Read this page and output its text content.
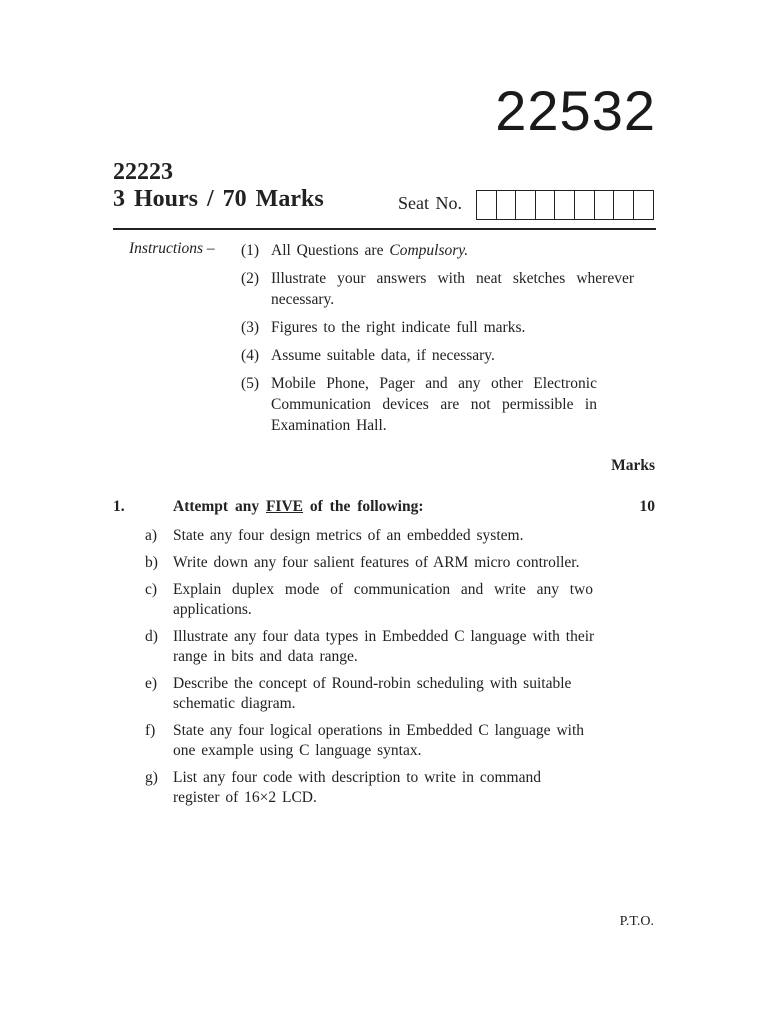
22532
22223
3 Hours / 70 Marks	Seat No.
Instructions – (1) All Questions are Compulsory.
(2) Illustrate your answers with neat sketches wherever necessary.
(3) Figures to the right indicate full marks.
(4) Assume suitable data, if necessary.
(5) Mobile Phone, Pager and any other Electronic Communication devices are not permissible in Examination Hall.
Marks
1.	Attempt any FIVE of the following:	10
a)	State any four design metrics of an embedded system.
b) Write down any four salient features of ARM micro controller.
c)	Explain duplex mode of communication and write any two applications.
d) Illustrate any four data types in Embedded C language with their range in bits and data range.
e)	Describe the concept of Round-robin scheduling with suitable schematic diagram.
f)	State any four logical operations in Embedded C language with one example using C language syntax.
g) List any four code with description to write in command register of 16×2 LCD.
P.T.O.
